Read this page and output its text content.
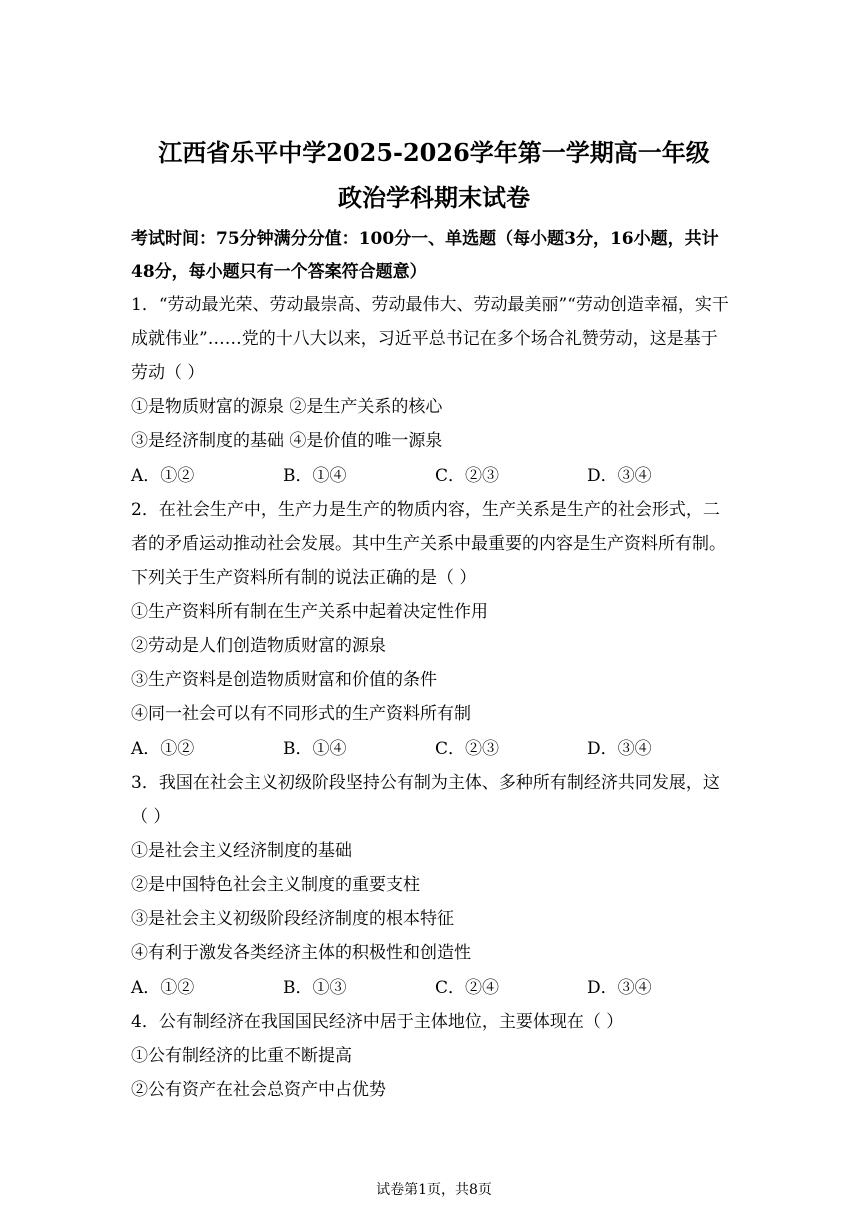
江西省乐平中学2025-2026学年第一学期高一年级
政治学科期末试卷
考试时间：75分钟满分分值：100分一、单选题（每小题3分，16小题，共计
48分，每小题只有一个答案符合题意）
1．“劳动最光荣、劳动最崇高、劳动最伟大、劳动最美丽”“劳动创造幸福，实干
成就伟业”……党的十八大以来，习近平总书记在多个场合礼赞劳动，这是基于
劳动（ ）
①是物质财富的源泉 ②是生产关系的核心
③是经济制度的基础 ④是价值的唯一源泉
A．①②	B．①④	C．②③	D．③④
2．在社会生产中，生产力是生产的物质内容，生产关系是生产的社会形式，二
者的矛盾运动推动社会发展。其中生产关系中最重要的内容是生产资料所有制。
下列关于生产资料所有制的说法正确的是（ ）
①生产资料所有制在生产关系中起着决定性作用
②劳动是人们创造物质财富的源泉
③生产资料是创造物质财富和价值的条件
④同一社会可以有不同形式的生产资料所有制
A．①②	B．①④	C．②③	D．③④
3．我国在社会主义初级阶段坚持公有制为主体、多种所有制经济共同发展，这
（ ）
①是社会主义经济制度的基础
②是中国特色社会主义制度的重要支柱
③是社会主义初级阶段经济制度的根本特征
④有利于激发各类经济主体的积极性和创造性
A．①②	B．①③	C．②④	D．③④
4．公有制经济在我国国民经济中居于主体地位，主要体现在（ ）
①公有制经济的比重不断提高
②公有资产在社会总资产中占优势
试卷第1页，共8页
